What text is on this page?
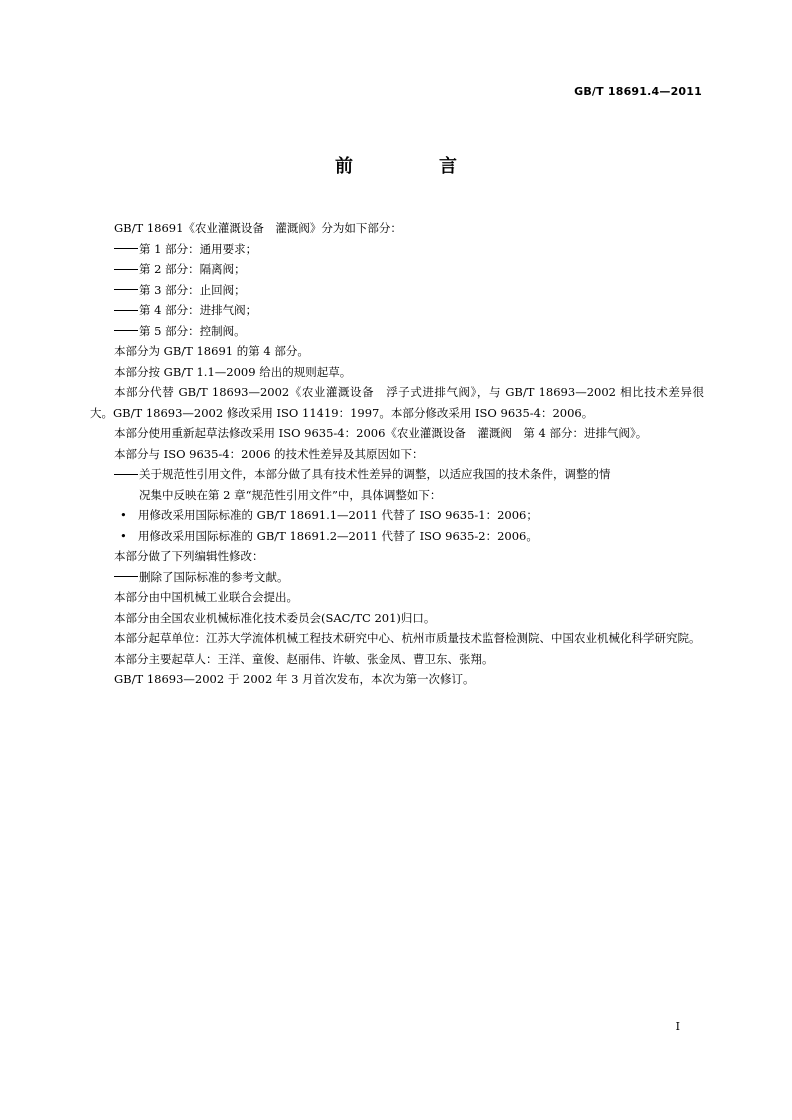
GB/T 18691.4—2011
前　言

GB/T 18691《农业灌溉设备　灌溉阀》分为如下部分：

第 1 部分：通用要求；

第 2 部分：隔离阀；

第 3 部分：止回阀；

第 4 部分：进排气阀；

第 5 部分：控制阀。

本部分为 GB/T 18691 的第 4 部分。

本部分按 GB/T 1.1—2009 给出的规则起草。

本部分代替 GB/T 18693—2002《农业灌溉设备　浮子式进排气阀》，与 GB/T 18693—2002 相比技术差异很大。GB/T 18693—2002 修改采用 ISO 11419：1997。本部分修改采用 ISO 9635-4：2006。

本部分使用重新起草法修改采用 ISO 9635-4：2006《农业灌溉设备　灌溉阀　第 4 部分：进排气阀》。

本部分与 ISO 9635-4：2006 的技术性差异及其原因如下：

关于规范性引用文件，本部分做了具有技术性差异的调整，以适应我国的技术条件，调整的情
况集中反映在第 2 章“规范性引用文件”中，具体调整如下：

• 用修改采用国际标准的 GB/T 18691.1—2011 代替了 ISO 9635-1：2006；

• 用修改采用国际标准的 GB/T 18691.2—2011 代替了 ISO 9635-2：2006。

本部分做了下列编辑性修改：

删除了国际标准的参考文献。

本部分由中国机械工业联合会提出。

本部分由全国农业机械标准化技术委员会(SAC/TC 201)归口。

本部分起草单位：江苏大学流体机械工程技术研究中心、杭州市质量技术监督检测院、中国农业机械化科学研究院。

本部分主要起草人：王洋、童俊、赵丽伟、许敏、张金凤、曹卫东、张翔。

GB/T 18693—2002 于 2002 年 3 月首次发布，本次为第一次修订。

I
